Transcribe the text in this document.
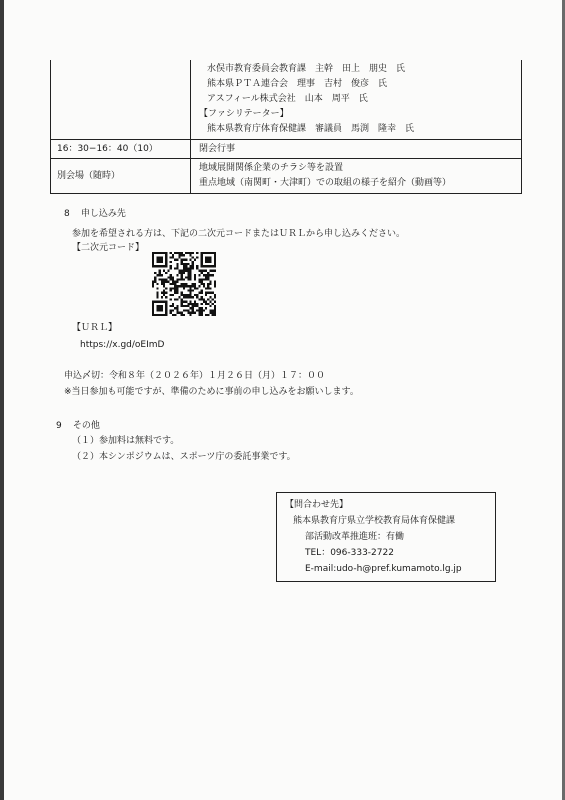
水俣市教育委員会教育課　主幹　田上　朋史　氏
熊本県ＰＴＡ連合会　理事　吉村　俊彦　氏
アスフィール株式会社　山本　周平　氏
【ファシリテーター】
熊本県教育庁体育保健課　審議員　馬渕　隆幸　氏
16：30−16：40（10）	閉会行事
別会場（随時）
地域展開関係企業のチラシ等を設置
重点地域（南関町・大津町）での取組の様子を紹介（動画等）
8 申し込み先
参加を希望される方は、下記の二次元コードまたはＵＲＬから申し込みください。
【二次元コード】
【ＵＲＬ】
https://x.gd/oEImD
申込〆切：令和８年（２０２６年）１月２６日（月）１７：００
※当日参加も可能ですが、準備のために事前の申し込みをお願いします。
9 その他
（１）参加料は無料です。
（２）本シンポジウムは、スポーツ庁の委託事業です。
【問合わせ先】
熊本県教育庁県立学校教育局体育保健課
部活動改革推進班：有働
TEL：096-333-2722
E-mail:udo-h@pref.kumamoto.lg.jp
